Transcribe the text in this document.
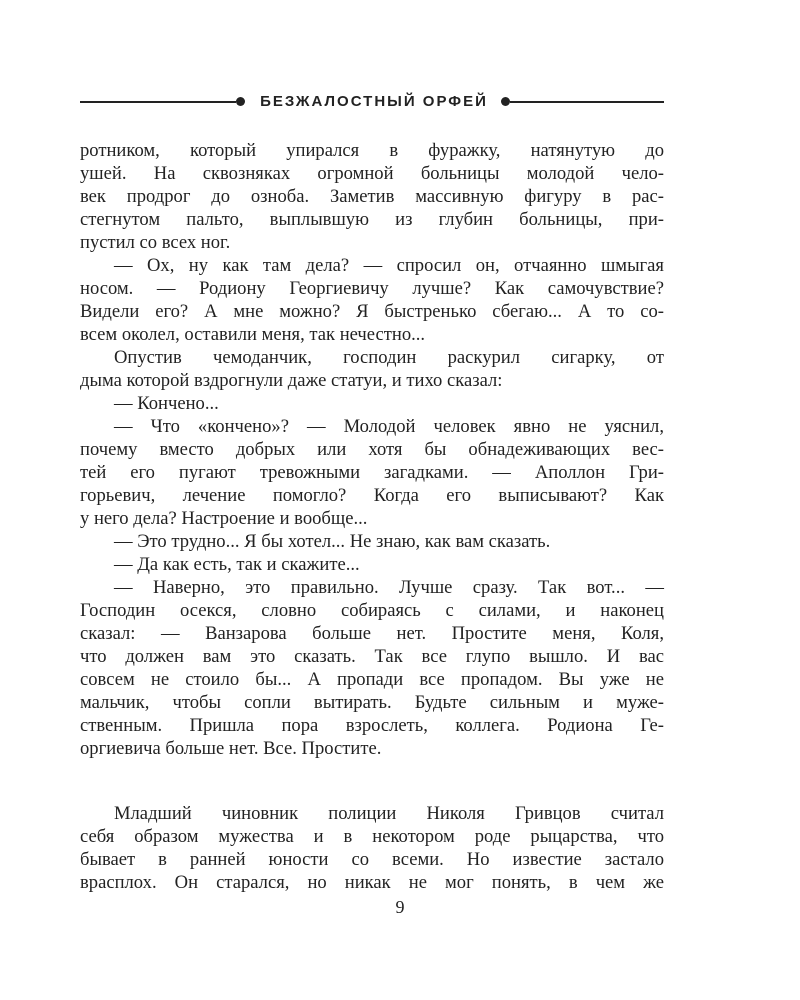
БЕЗЖАЛОСТНЫЙ ОРФЕЙ
ротником, который упирался в фуражку, натянутую до
ушей. На сквозняках огромной больницы молодой чело-
век продрог до озноба. Заметив массивную фигуру в рас-
стегнутом пальто, выплывшую из глубин больницы, при-
пустил со всех ног.
— Ох, ну как там дела? — спросил он, отчаянно шмыгая
носом. — Родиону Георгиевичу лучше? Как самочувствие?
Видели его? А мне можно? Я быстренько сбегаю... А то со-
всем околел, оставили меня, так нечестно...
Опустив чемоданчик, господин раскурил сигарку, от
дыма которой вздрогнули даже статуи, и тихо сказал:
— Кончено...
— Что «кончено»? — Молодой человек явно не уяснил,
почему вместо добрых или хотя бы обнадеживающих вес-
тей его пугают тревожными загадками. — Аполлон Гри-
горьевич, лечение помогло? Когда его выписывают? Как
у него дела? Настроение и вообще...
— Это трудно... Я бы хотел... Не знаю, как вам сказать.
— Да как есть, так и скажите...
— Наверно, это правильно. Лучше сразу. Так вот... —
Господин осекся, словно собираясь с силами, и наконец
сказал: — Ванзарова больше нет. Простите меня, Коля,
что должен вам это сказать. Так все глупо вышло. И вас
совсем не стоило бы... А пропади все пропадом. Вы уже не
мальчик, чтобы сопли вытирать. Будьте сильным и муже-
ственным. Пришла пора взрослеть, коллега. Родиона Ге-
оргиевича больше нет. Все. Простите.
Младший чиновник полиции Николя Гривцов считал
себя образом мужества и в некотором роде рыцарства, что
бывает в ранней юности со всеми. Но известие застало
врасплох. Он старался, но никак не мог понять, в чем же
9
